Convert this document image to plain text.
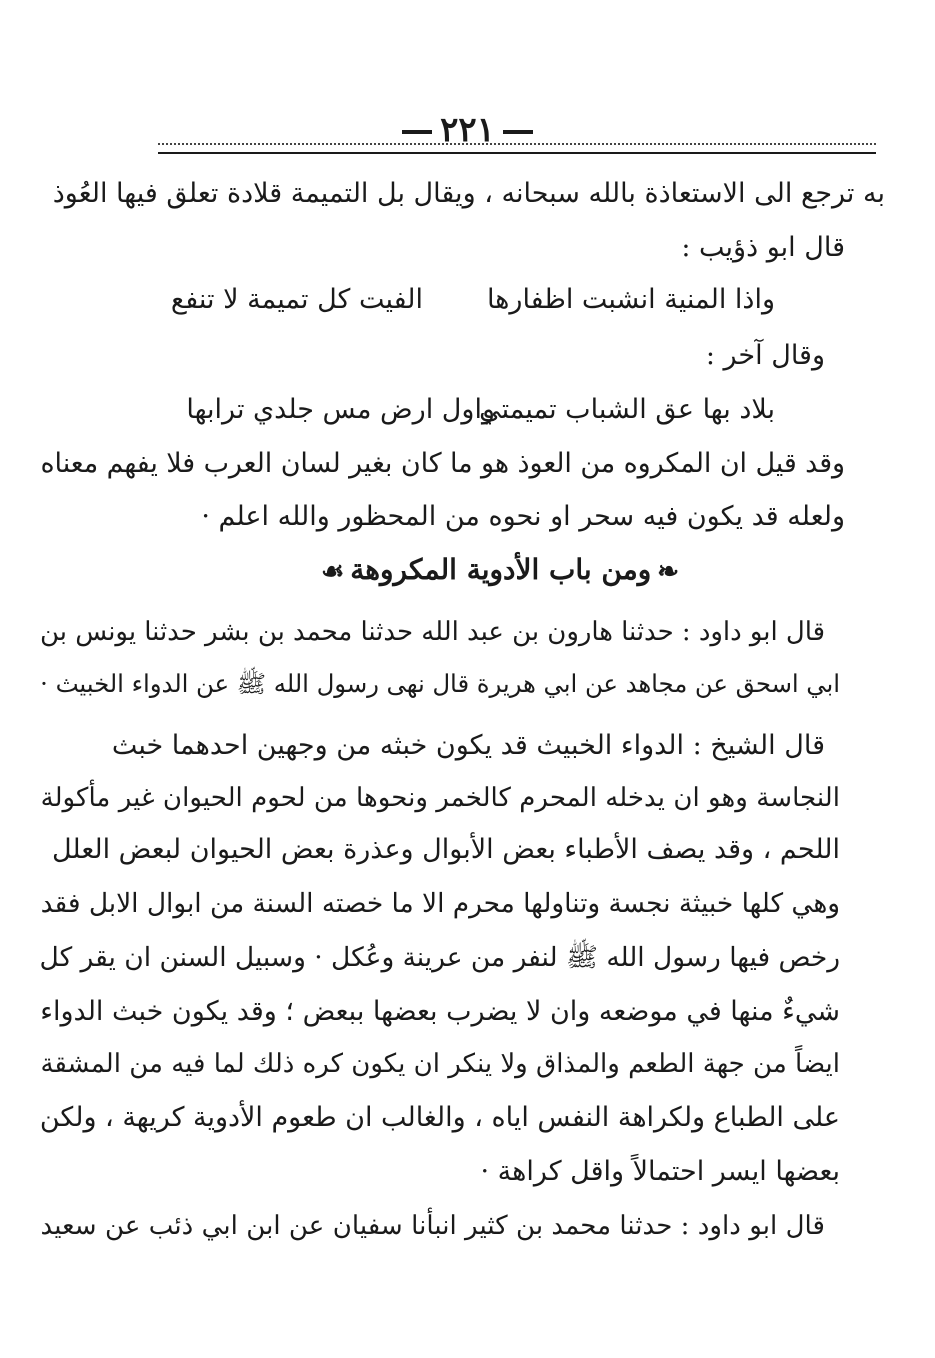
٢٢١
به ترجع الى الاستعاذة بالله سبحانه ، ويقال بل التميمة قلادة تعلق فيها العُوذ
قال ابو ذؤيب :
واذا المنية انشبت اظفارها
الفيت كل تميمة لا تنفع
وقال آخر :
بلاد بها عق الشباب تميمتي
واول ارض مس جلدي ترابها
وقد قيل ان المكروه من العوذ هو ما كان بغير لسان العرب فلا يفهم معناه
ولعله قد يكون فيه سحر او نحوه من المحظور والله اعلم ·
❧ومن باب الأدوية المكروهة☙
قال ابو داود : حدثنا هارون بن عبد الله حدثنا محمد بن بشر حدثنا يونس بن
ابي اسحق عن مجاهد عن ابي هريرة قال نهى رسول الله ﷺ عن الدواء الخبيث ·
قال الشيخ : الدواء الخبيث قد يكون خبثه من وجهين احدهما خبث
النجاسة وهو ان يدخله المحرم كالخمر ونحوها من لحوم الحيوان غير مأكولة
اللحم ، وقد يصف الأطباء بعض الأبوال وعذرة بعض الحيوان لبعض العلل
وهي كلها خبيثة نجسة وتناولها محرم الا ما خصته السنة من ابوال الابل فقد
رخص فيها رسول الله ﷺ لنفر من عرينة وعُكل · وسبيل السنن ان يقر كل
شيءٌ منها في موضعه وان لا يضرب بعضها ببعض ؛ وقد يكون خبث الدواء
ايضاً من جهة الطعم والمذاق ولا ينكر ان يكون كره ذلك لما فيه من المشقة
على الطباع ولكراهة النفس اياه ، والغالب ان طعوم الأدوية كريهة ، ولكن
بعضها ايسر احتمالاً واقل كراهة ·
قال ابو داود : حدثنا محمد بن كثير انبأنا سفيان عن ابن ابي ذئب عن سعيد
